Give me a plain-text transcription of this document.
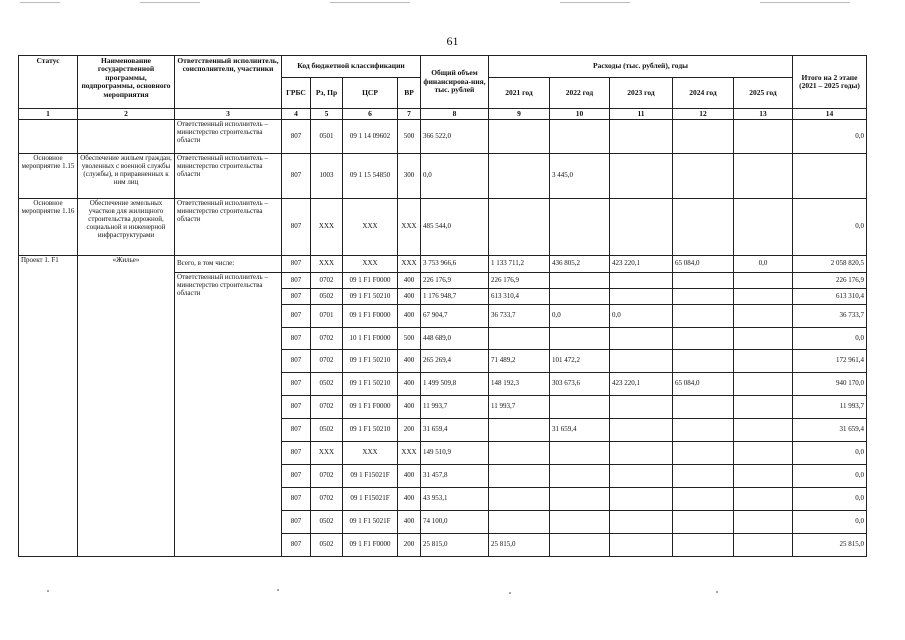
61
Статус	Наименование государственной программы, подпрограммы, основного мероприятия	Ответственный исполнитель, соисполнители, участники	Код бюджетной классификации				Общий объем финансирова-ния, тыс. рублей	Расходы (тыс. рублей), годы					Итого на 2 этапе (2021 – 2025 годы)
			ГРБС	Рз, Пр	ЦСР	ВР		2021 год	2022 год	2023 год	2024 год	2025 год	
1	2	3	4	5	6	7	8	9	10	11	12	13	14
		Ответственный исполнитель – министерство строительства области	807	0501	09 1 14 09602	500	366 522,0						0,0
Основное мероприятие 1.15	Обеспечение жильем граждан, уволенных с военной службы (службы), и приравненных к ним лиц	Ответственный исполнитель – министерство строительства области	807	1003	09 1 15 54850	300	0,0		3 445,0				
Основное мероприятие 1.16	Обеспечение земельных участков для жилищного строительства дорожной, социальной и инженерной инфраструктурами	Ответственный исполнитель – министерство строительства области	807	XXX	XXX	XXX	485 544,0						0,0
Проект 1. F1	«Жилье»	Всего, в том числе:	807	XXX	XXX	XXX	3 753 966,6	1 133 711,2	436 805,2	423 220,1	65 084,0	0,0	2 058 820,5
		Ответственный исполнитель – министерство строительства области	807	0702	09 1 F1 F0000	400	226 176,9	226 176,9					226 176,9
			807	0502	09 1 F1 50210	400	1 176 948,7	613 310,4					613 310,4
			807	0701	09 1 F1 F0000	400	67 904,7	36 733,7	0,0	0,0			36 733,7
			807	0702	10 1 F1 F0000	500	448 689,0						0,0
			807	0702	09 1 F1 50210	400	265 269,4	71 489,2	101 472,2				172 961,4
			807	0502	09 1 F1 50210	400	1 499 509,8	148 192,3	303 673,6	423 220,1	65 084,0		940 170,0
			807	0702	09 1 F1 F0000	400	11 993,7	11 993,7					11 993,7
			807	0502	09 1 F1 50210	200	31 659,4		31 659,4				31 659,4
			807	XXX	XXX	XXX	149 510,9						0,0
			807	0702	09 1 F15021F	400	31 457,8						0,0
			807	0702	09 1 F15021F	400	43 953,1						0,0
			807	0502	09 1 F1 5021F	400	74 100,0						0,0
			807	0502	09 1 F1 F0000	200	25 815,0	25 815,0					25 815,0
